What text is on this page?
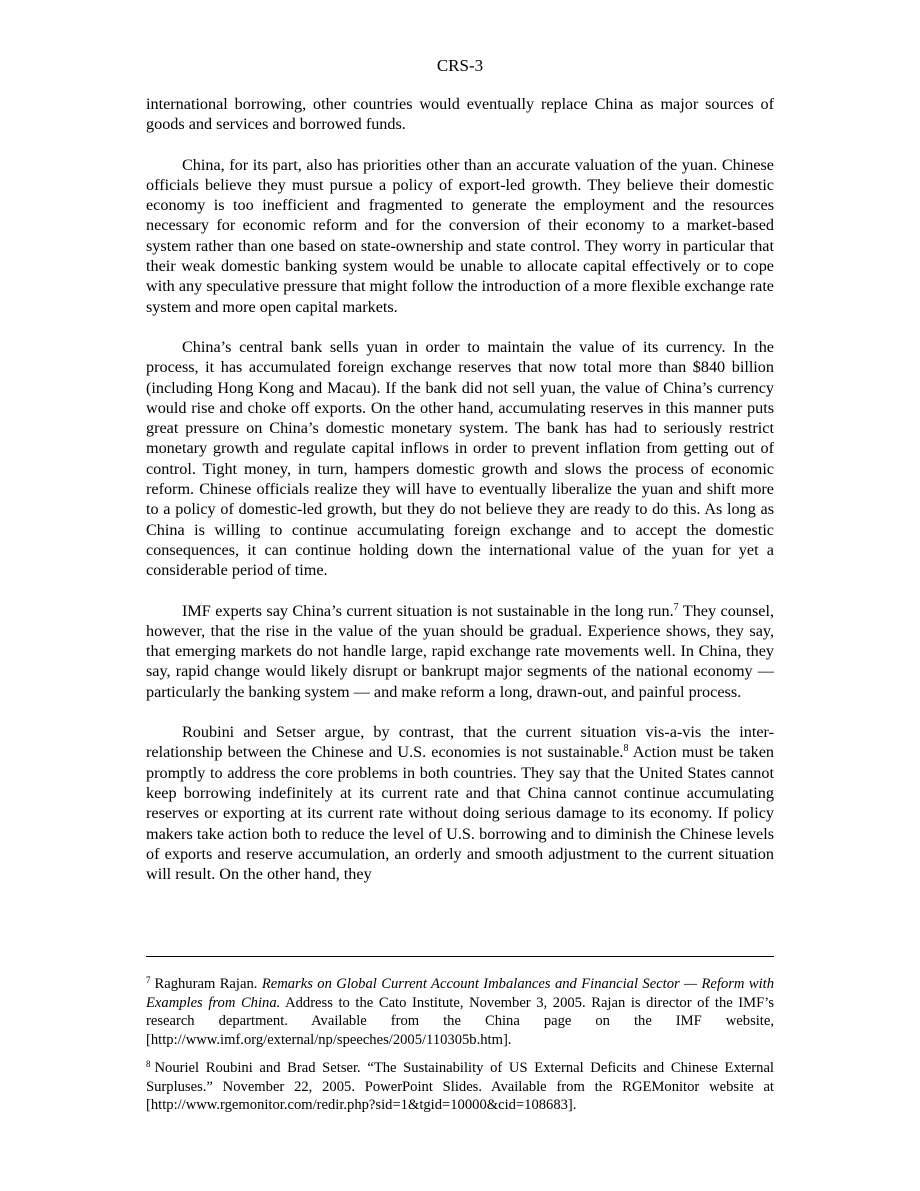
CRS-3

international borrowing, other countries would eventually replace China as major sources of goods and services and borrowed funds.

China, for its part, also has priorities other than an accurate valuation of the yuan. Chinese officials believe they must pursue a policy of export-led growth. They believe their domestic economy is too inefficient and fragmented to generate the employment and the resources necessary for economic reform and for the conversion of their economy to a market-based system rather than one based on state-ownership and state control. They worry in particular that their weak domestic banking system would be unable to allocate capital effectively or to cope with any speculative pressure that might follow the introduction of a more flexible exchange rate system and more open capital markets.

China’s central bank sells yuan in order to maintain the value of its currency. In the process, it has accumulated foreign exchange reserves that now total more than $840 billion (including Hong Kong and Macau). If the bank did not sell yuan, the value of China’s currency would rise and choke off exports. On the other hand, accumulating reserves in this manner puts great pressure on China’s domestic monetary system. The bank has had to seriously restrict monetary growth and regulate capital inflows in order to prevent inflation from getting out of control. Tight money, in turn, hampers domestic growth and slows the process of economic reform. Chinese officials realize they will have to eventually liberalize the yuan and shift more to a policy of domestic-led growth, but they do not believe they are ready to do this. As long as China is willing to continue accumulating foreign exchange and to accept the domestic consequences, it can continue holding down the international value of the yuan for yet a considerable period of time.

IMF experts say China’s current situation is not sustainable in the long run.$^7$ They counsel, however, that the rise in the value of the yuan should be gradual. Experience shows, they say, that emerging markets do not handle large, rapid exchange rate movements well. In China, they say, rapid change would likely disrupt or bankrupt major segments of the national economy — particularly the banking system — and make reform a long, drawn-out, and painful process.

Roubini and Setser argue, by contrast, that the current situation vis-a-vis the inter-relationship between the Chinese and U.S. economies is not sustainable.$^8$ Action must be taken promptly to address the core problems in both countries. They say that the United States cannot keep borrowing indefinitely at its current rate and that China cannot continue accumulating reserves or exporting at its current rate without doing serious damage to its economy. If policy makers take action both to reduce the level of U.S. borrowing and to diminish the Chinese levels of exports and reserve accumulation, an orderly and smooth adjustment to the current situation will result. On the other hand, they

$^7$ Raghuram Rajan. Remarks on Global Current Account Imbalances and Financial Sector — Reform with Examples from China. Address to the Cato Institute, November 3, 2005. Rajan is director of the IMF’s research department. Available from the China page on the IMF website, [http://www.imf.org/external/np/speeches/2005/110305b.htm].

$^8$ Nouriel Roubini and Brad Setser. “The Sustainability of US External Deficits and Chinese External Surpluses.” November 22, 2005. PowerPoint Slides. Available from the RGEMonitor website at [http://www.rgemonitor.com/redir.php?sid=1&tgid=10000&cid=108683].
